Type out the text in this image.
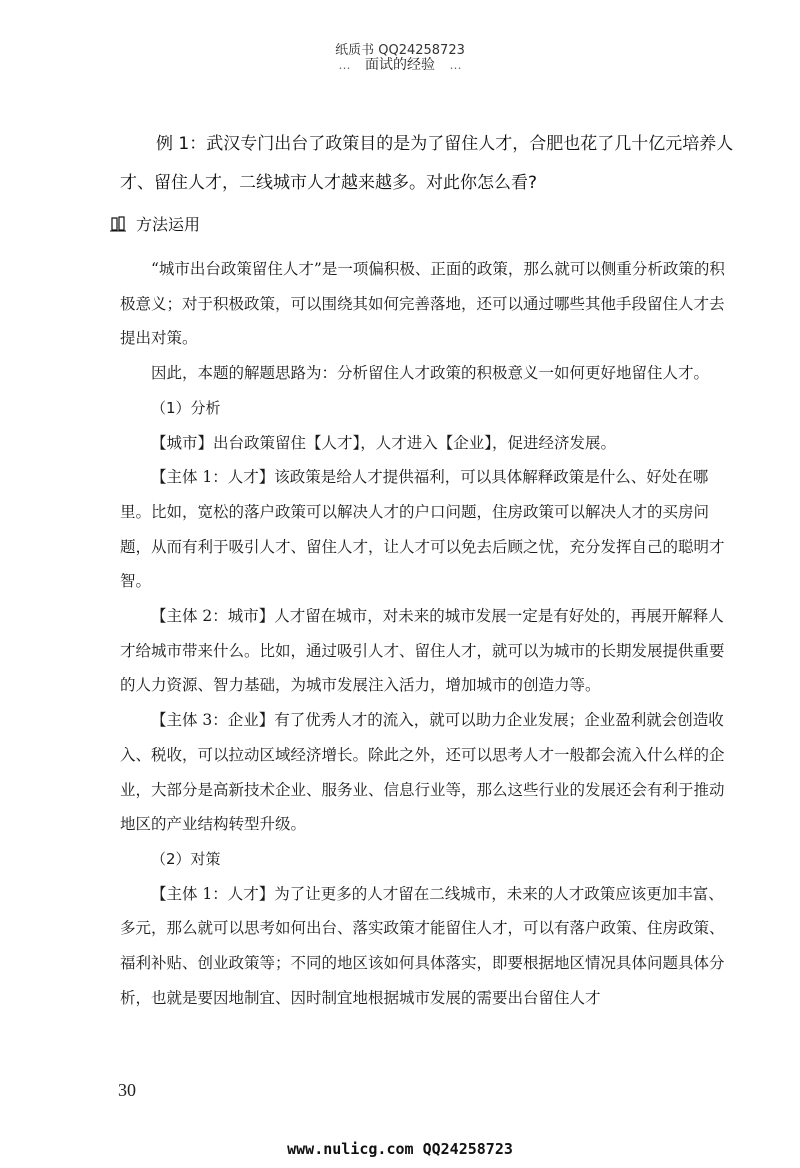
纸质书 QQ24258723
… 面试的经验 …
例 1：武汉专门出台了政策目的是为了留住人才，合肥也花了几十亿元培养人才、留住人才，二线城市人才越来越多。对此你怎么看?
方法运用

“城市出台政策留住人才”是一项偏积极、正面的政策，那么就可以侧重分析政策的积极意义；对于积极政策，可以围绕其如何完善落地，还可以通过哪些其他手段留住人才去提出对策。

因此，本题的解题思路为：分析留住人才政策的积极意义一如何更好地留住人才。

（1）分析

【城市】出台政策留住【人才】，人才进入【企业】，促进经济发展。

【主体 1：人才】该政策是给人才提供福利，可以具体解释政策是什么、好处在哪里。比如，宽松的落户政策可以解决人才的户口问题，住房政策可以解决人才的买房问题，从而有利于吸引人才、留住人才，让人才可以免去后顾之忧，充分发挥自己的聪明才智。

【主体 2：城市】人才留在城市，对未来的城市发展一定是有好处的，再展开解释人才给城市带来什么。比如，通过吸引人才、留住人才，就可以为城市的长期发展提供重要的人力资源、智力基础，为城市发展注入活力，增加城市的创造力等。

【主体 3：企业】有了优秀人才的流入，就可以助力企业发展；企业盈利就会创造收入、税收，可以拉动区域经济增长。除此之外，还可以思考人才一般都会流入什么样的企业，大部分是高新技术企业、服务业、信息行业等，那么这些行业的发展还会有利于推动地区的产业结构转型升级。

（2）对策

【主体 1：人才】为了让更多的人才留在二线城市，未来的人才政策应该更加丰富、多元，那么就可以思考如何出台、落实政策才能留住人才，可以有落户政策、住房政策、福利补贴、创业政策等；不同的地区该如何具体落实，即要根据地区情况具体问题具体分析，也就是要因地制宜、因时制宜地根据城市发展的需要出台留住人才

30
www.nulicg.com QQ24258723
